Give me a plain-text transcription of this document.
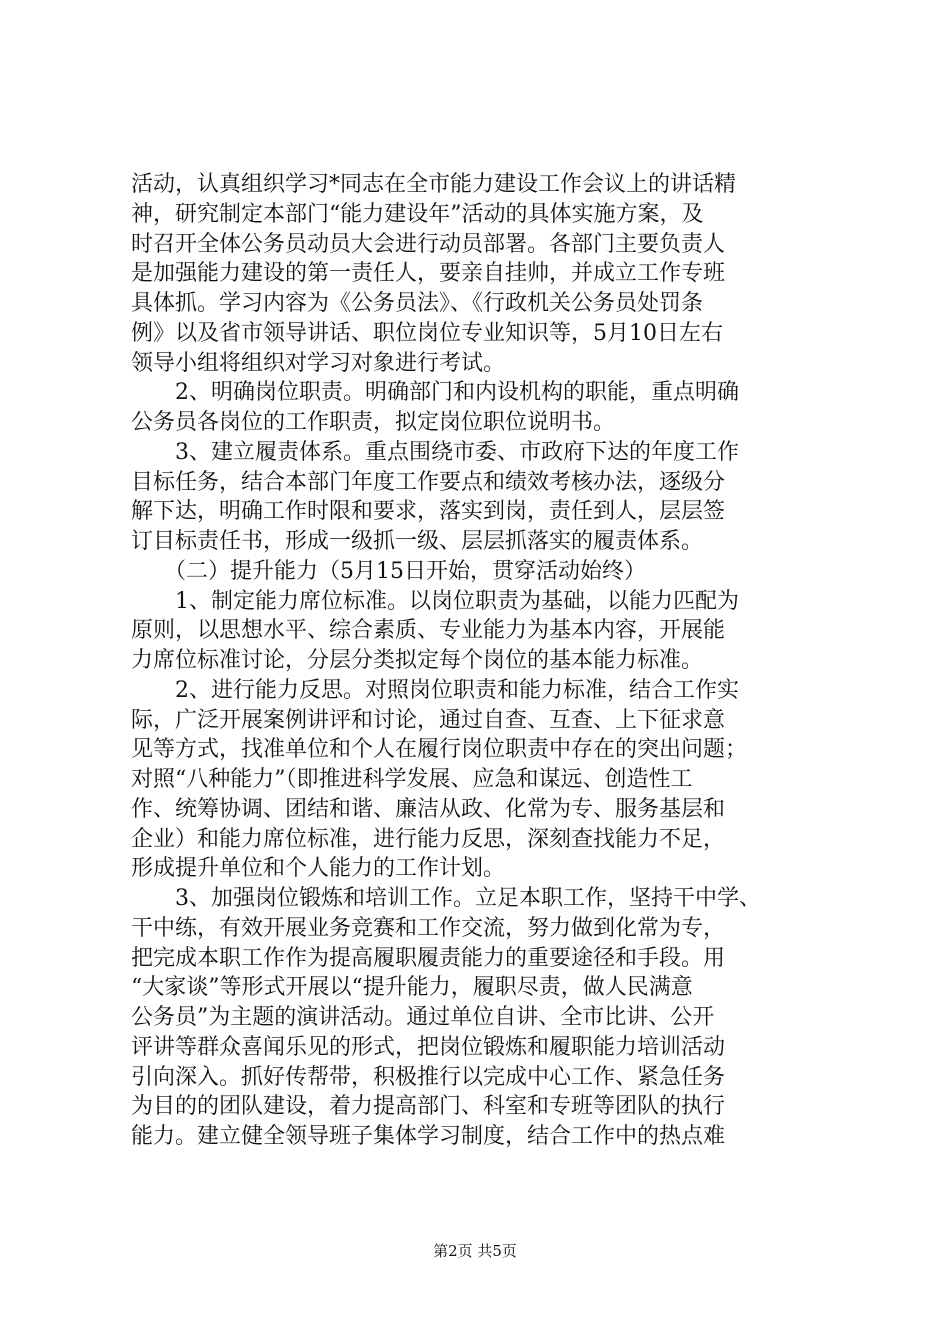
活动，认真组织学习*同志在全市能力建设工作会议上的讲话精
神，研究制定本部门“能力建设年”活动的具体实施方案，及
时召开全体公务员动员大会进行动员部署。各部门主要负责人
是加强能力建设的第一责任人，要亲自挂帅，并成立工作专班
具体抓。学习内容为《公务员法》、《行政机关公务员处罚条
例》以及省市领导讲话、职位岗位专业知识等，5月10日左右
领导小组将组织对学习对象进行考试。
　　2、明确岗位职责。明确部门和内设机构的职能，重点明确
公务员各岗位的工作职责，拟定岗位职位说明书。
　　3、建立履责体系。重点围绕市委、市政府下达的年度工作
目标任务，结合本部门年度工作要点和绩效考核办法，逐级分
解下达，明确工作时限和要求，落实到岗，责任到人，层层签
订目标责任书，形成一级抓一级、层层抓落实的履责体系。
　　（二）提升能力（5月15日开始，贯穿活动始终）
　　1、制定能力席位标准。以岗位职责为基础，以能力匹配为
原则，以思想水平、综合素质、专业能力为基本内容，开展能
力席位标准讨论，分层分类拟定每个岗位的基本能力标准。
　　2、进行能力反思。对照岗位职责和能力标准，结合工作实
际，广泛开展案例讲评和讨论，通过自查、互查、上下征求意
见等方式，找准单位和个人在履行岗位职责中存在的突出问题；
对照“八种能力”（即推进科学发展、应急和谋远、创造性工
作、统筹协调、团结和谐、廉洁从政、化常为专、服务基层和
企业）和能力席位标准，进行能力反思，深刻查找能力不足，
形成提升单位和个人能力的工作计划。
　　3、加强岗位锻炼和培训工作。立足本职工作，坚持干中学、
干中练，有效开展业务竞赛和工作交流，努力做到化常为专，
把完成本职工作作为提高履职履责能力的重要途径和手段。用
“大家谈”等形式开展以“提升能力，履职尽责，做人民满意
公务员”为主题的演讲活动。通过单位自讲、全市比讲、公开
评讲等群众喜闻乐见的形式，把岗位锻炼和履职能力培训活动
引向深入。抓好传帮带，积极推行以完成中心工作、紧急任务
为目的的团队建设，着力提高部门、科室和专班等团队的执行
能力。建立健全领导班子集体学习制度，结合工作中的热点难
第2页 共5页
